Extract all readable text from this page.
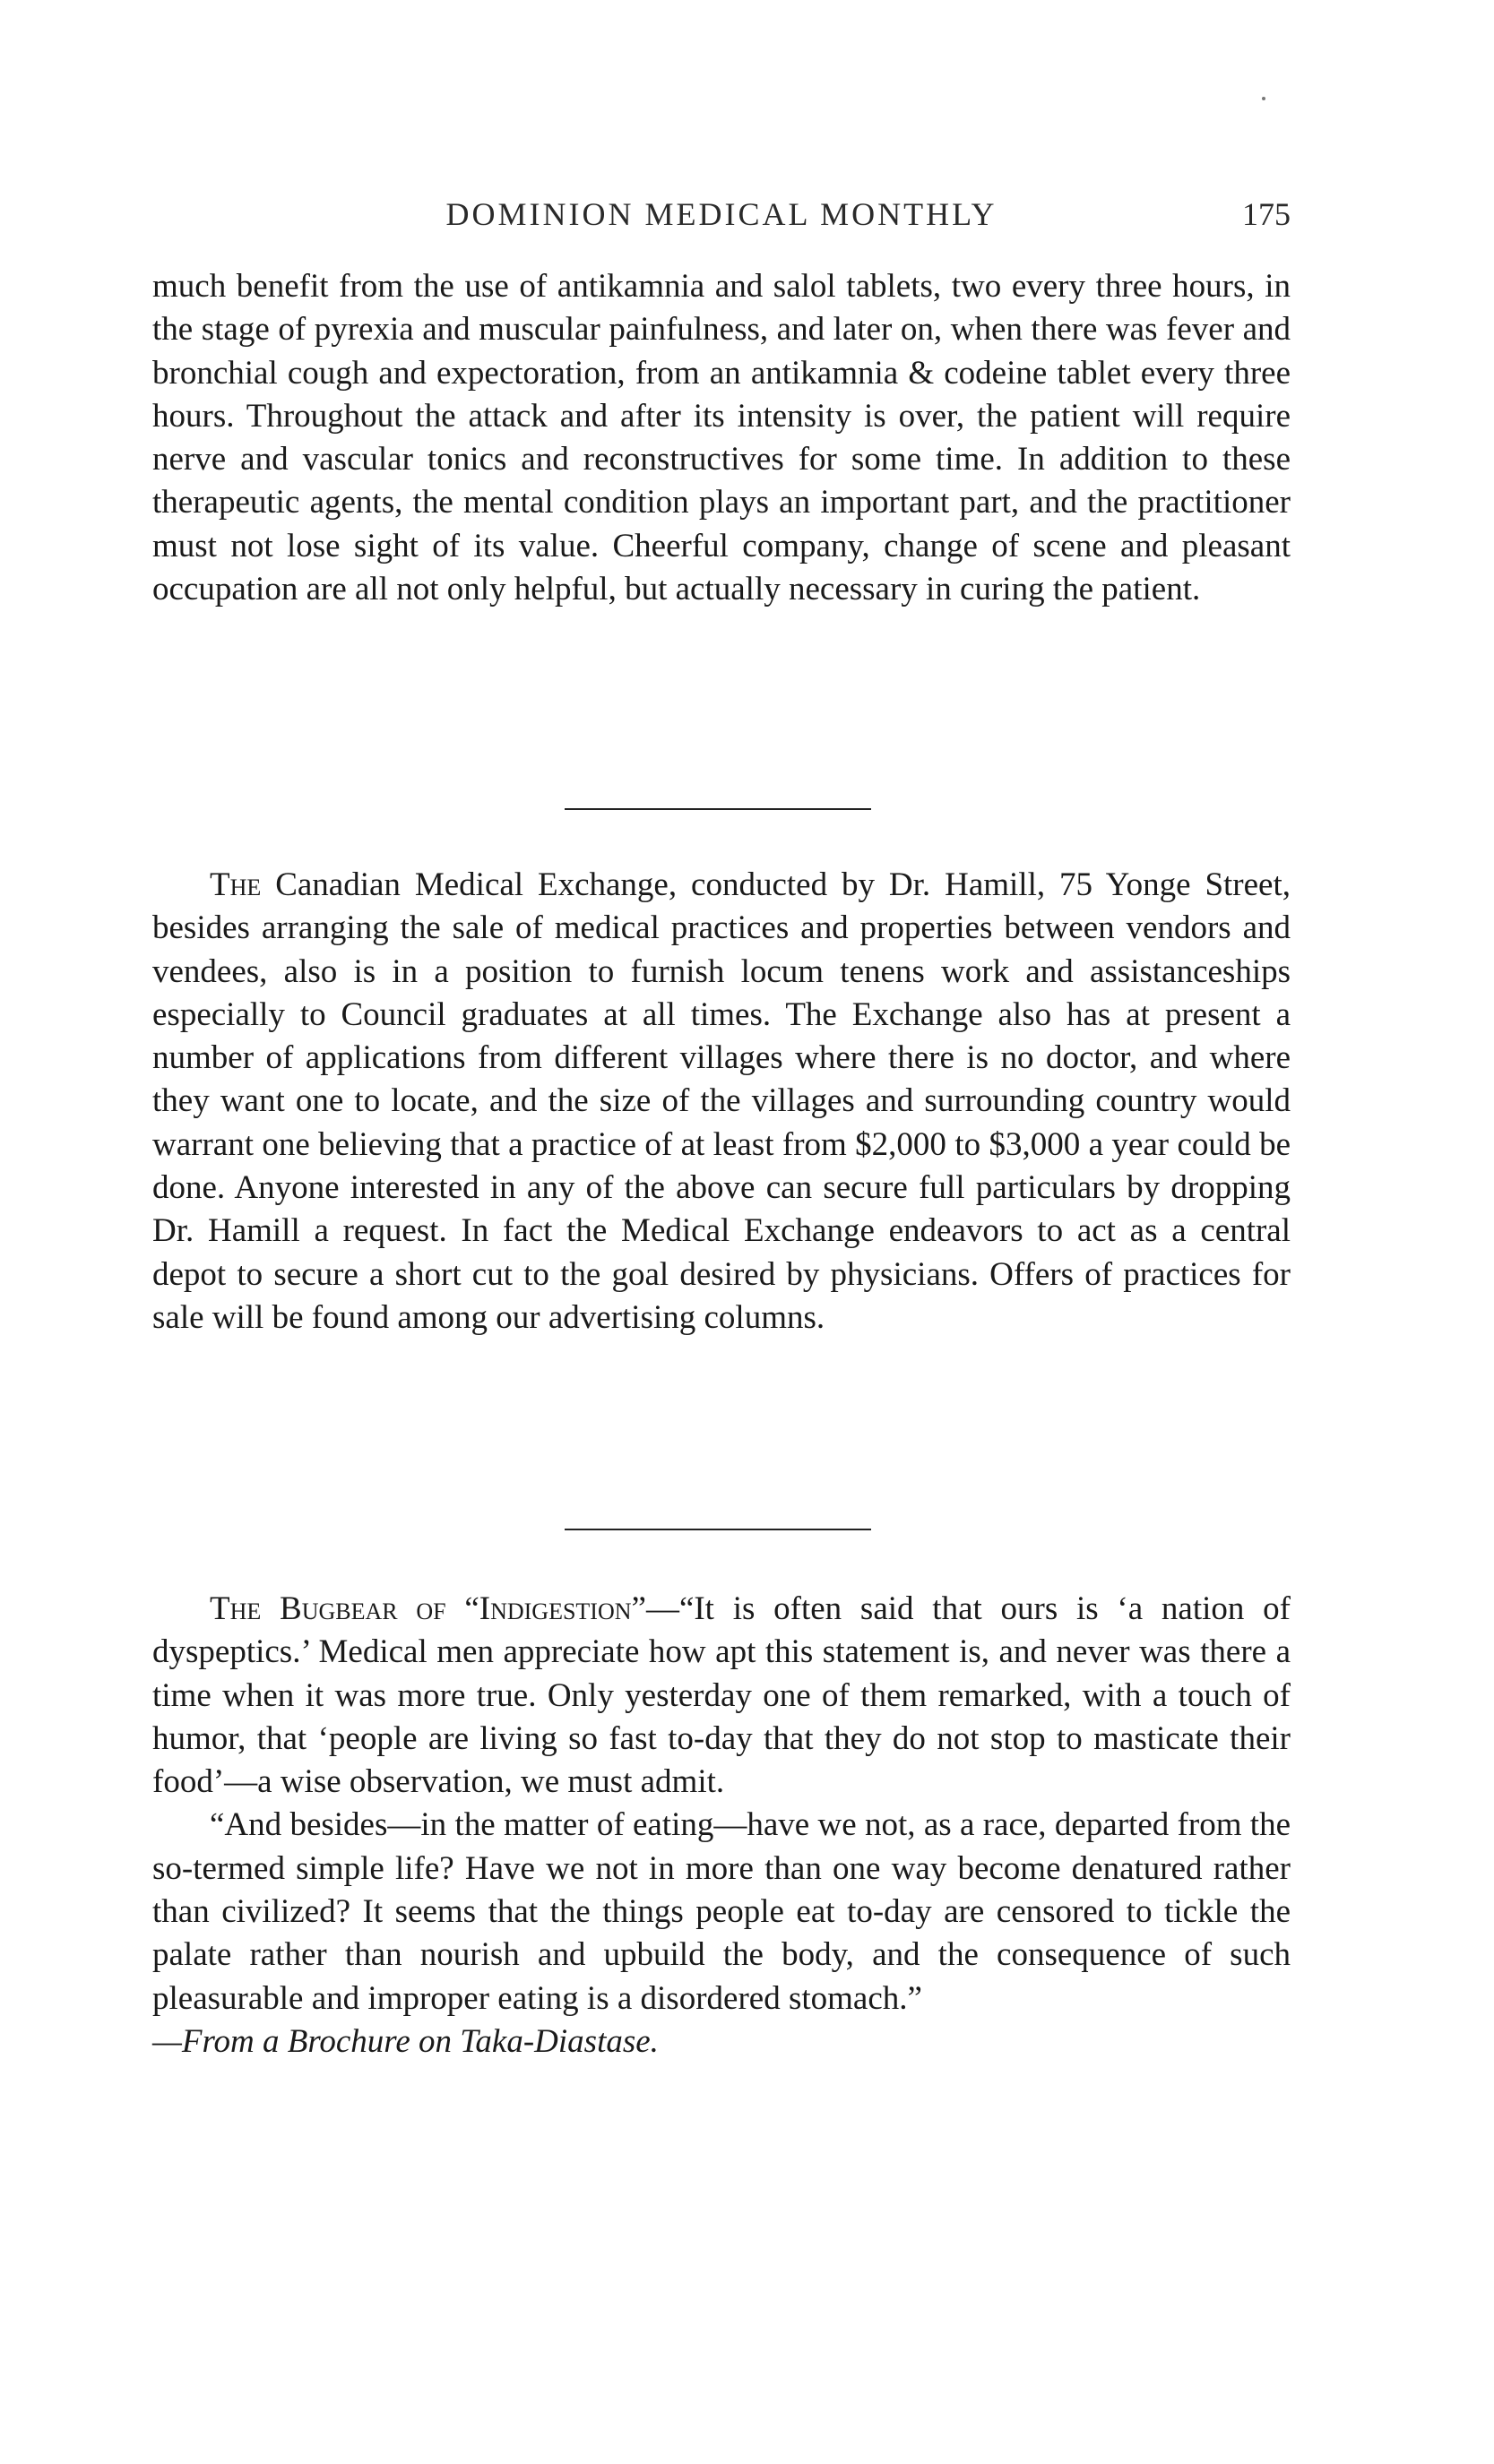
DOMINION MEDICAL MONTHLY	175

much benefit from the use of antikamnia and salol tablets, two every three hours, in the stage of pyrexia and muscular painfulness, and later on, when there was fever and bronchial cough and expectoration, from an antikamnia & codeine tablet every three hours. Throughout the attack and after its intensity is over, the patient will require nerve and vascular tonics and reconstructives for some time. In addition to these therapeutic agents, the mental condition plays an important part, and the practitioner must not lose sight of its value. Cheerful company, change of scene and pleasant occupation are all not only helpful, but actually necessary in curing the patient.

The Canadian Medical Exchange, conducted by Dr. Hamill, 75 Yonge Street, besides arranging the sale of medical practices and properties between vendors and vendees, also is in a position to furnish locum tenens work and assistanceships especially to Council graduates at all times. The Exchange also has at present a number of applications from different villages where there is no doctor, and where they want one to locate, and the size of the villages and surrounding country would warrant one believing that a practice of at least from $2,000 to $3,000 a year could be done. Anyone interested in any of the above can secure full particulars by dropping Dr. Hamill a request. In fact the Medical Exchange endeavors to act as a central depot to secure a short cut to the goal desired by physicians. Offers of practices for sale will be found among our advertising columns.

The Bugbear of “Indigestion”—“It is often said that ours is ‘a nation of dyspeptics.’ Medical men appreciate how apt this statement is, and never was there a time when it was more true. Only yesterday one of them remarked, with a touch of humor, that ‘people are living so fast to-day that they do not stop to masticate their food’—a wise observation, we must admit.

“And besides—in the matter of eating—have we not, as a race, departed from the so-termed simple life? Have we not in more than one way become denatured rather than civilized? It seems that the things people eat to-day are censored to tickle the palate rather than nourish and upbuild the body, and the consequence of such pleasurable and improper eating is a disordered stomach.”

—From a Brochure on Taka-Diastase.
